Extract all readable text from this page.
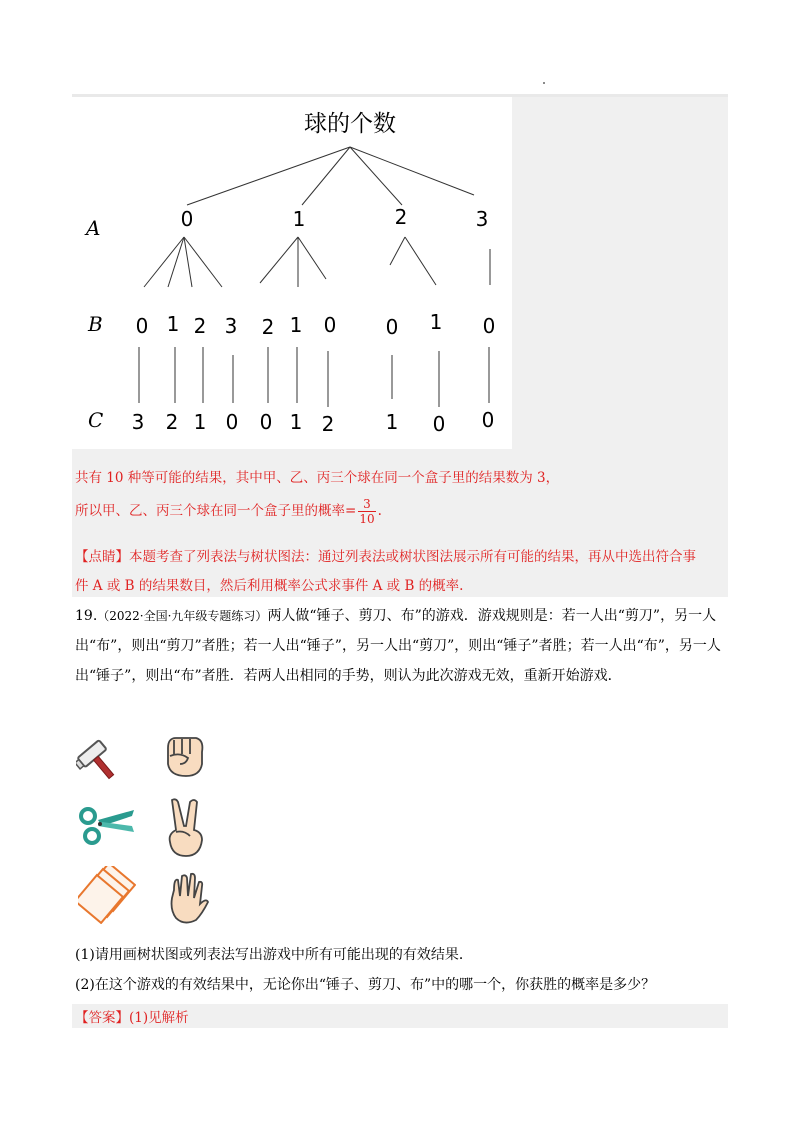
球的个数
A
B
C
0	1	2	3
0 1 2 3 2 1 0 0 1 0
3 2 1 0 0 1 2	1 0 0
共有 10 种等可能的结果，其中甲、乙、丙三个球在同一个盒子里的结果数为 3，
所以甲、乙、丙三个球在同一个盒子里的概率= $\frac{3}{10}$ .
【点睛】本题考查了列表法与树状图法：通过列表法或树状图法展示所有可能的结果，再从中选出符合事
件 A 或 B 的结果数目，然后利用概率公式求事件 A 或 B 的概率.
19.（2022·全国·九年级专题练习）两人做“锤子、剪刀、布”的游戏．游戏规则是：若一人出“剪刀”，另一人出“布”，则出“剪刀”者胜；若一人出“锤子”，另一人出“剪刀”，则出“锤子”者胜；若一人出“布”，另一人出“锤子”，则出“布”者胜．若两人出相同的手势，则认为此次游戏无效，重新开始游戏．
(1)请用画树状图或列表法写出游戏中所有可能出现的有效结果．
(2)在这个游戏的有效结果中，无论你出“锤子、剪刀、布”中的哪一个，你获胜的概率是多少？
【答案】(1)见解析
